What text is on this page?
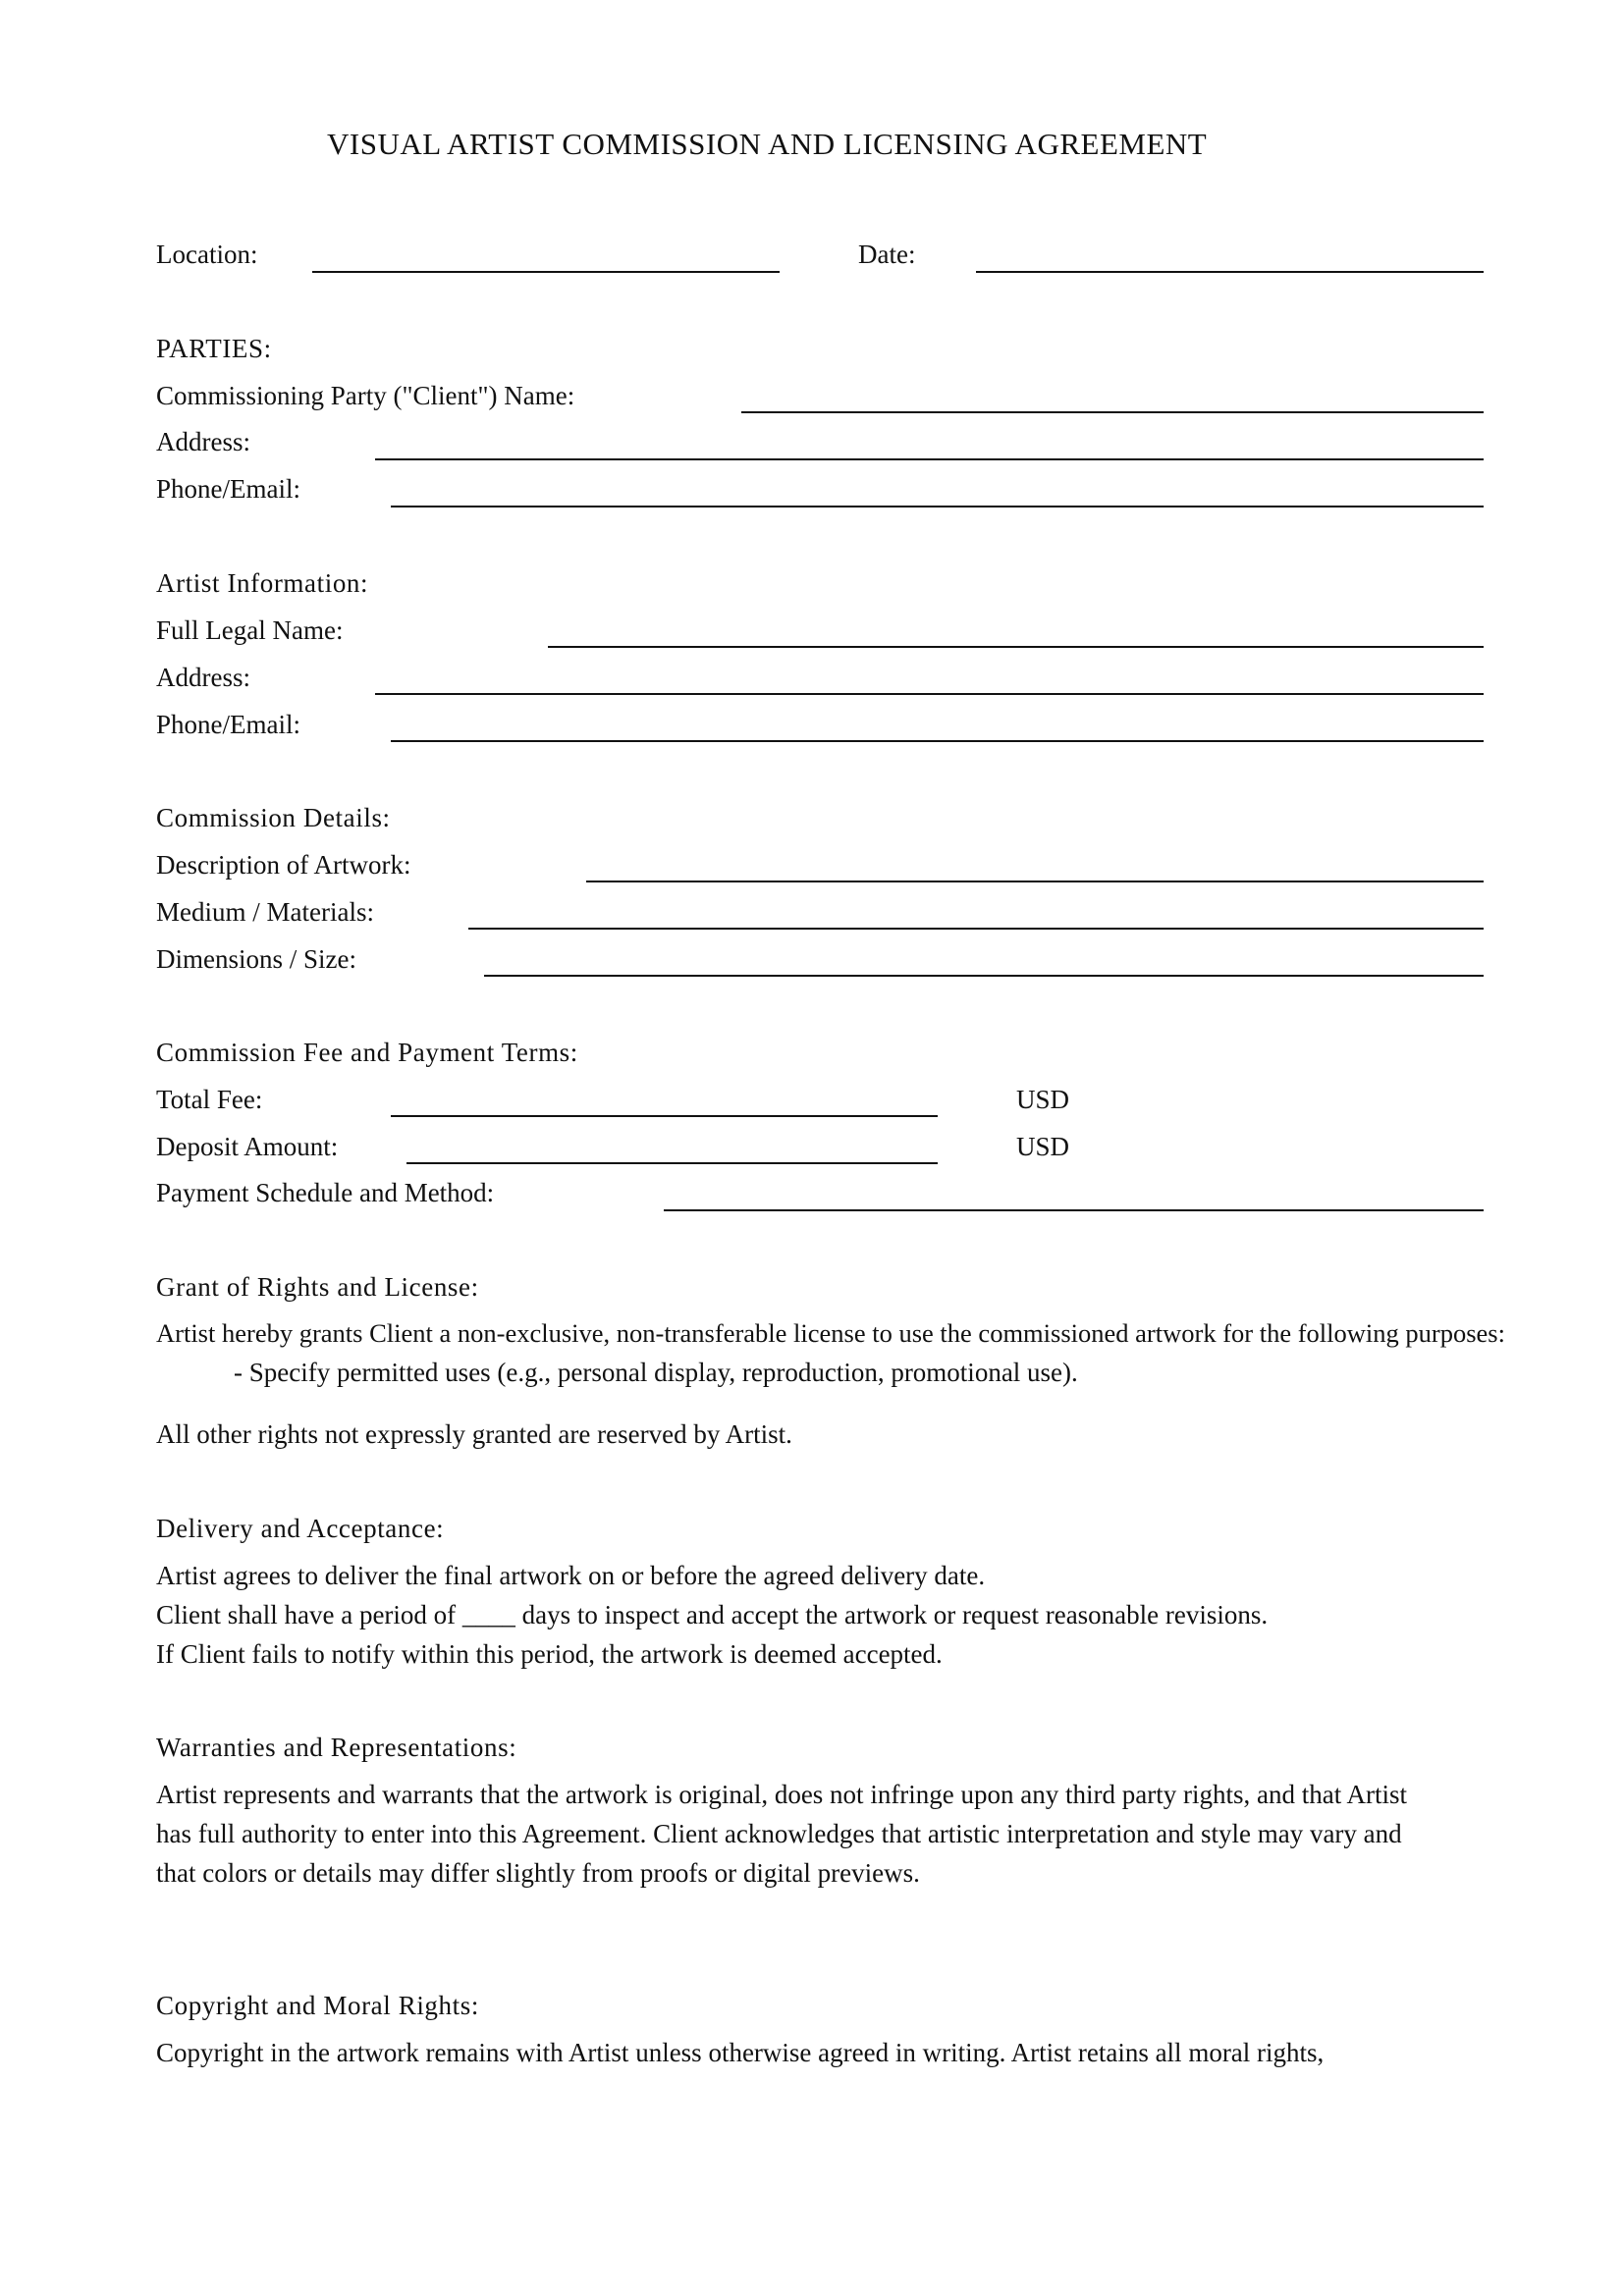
VISUAL ARTIST COMMISSION AND LICENSING AGREEMENT
Location:	Date:
PARTIES:
Commissioning Party ("Client") Name:
Address:
Phone/Email:
Artist Information:
Full Legal Name:
Address:
Phone/Email:
Commission Details:
Description of Artwork:
Medium / Materials:
Dimensions / Size:
Commission Fee and Payment Terms:
Total Fee:	USD
Deposit Amount:	USD
Payment Schedule and Method:
Grant of Rights and License:
Artist hereby grants Client a non-exclusive, non-transferable license to use the commissioned artwork for the following purposes:
- Specify permitted uses (e.g., personal display, reproduction, promotional use).
All other rights not expressly granted are reserved by Artist.
Delivery and Acceptance:
Artist agrees to deliver the final artwork on or before the agreed delivery date.
Client shall have a period of ____ days to inspect and accept the artwork or request reasonable revisions.
If Client fails to notify within this period, the artwork is deemed accepted.
Warranties and Representations:
Artist represents and warrants that the artwork is original, does not infringe upon any third party rights, and that Artist
has full authority to enter into this Agreement. Client acknowledges that artistic interpretation and style may vary and
that colors or details may differ slightly from proofs or digital previews.
Copyright and Moral Rights:
Copyright in the artwork remains with Artist unless otherwise agreed in writing. Artist retains all moral rights,
